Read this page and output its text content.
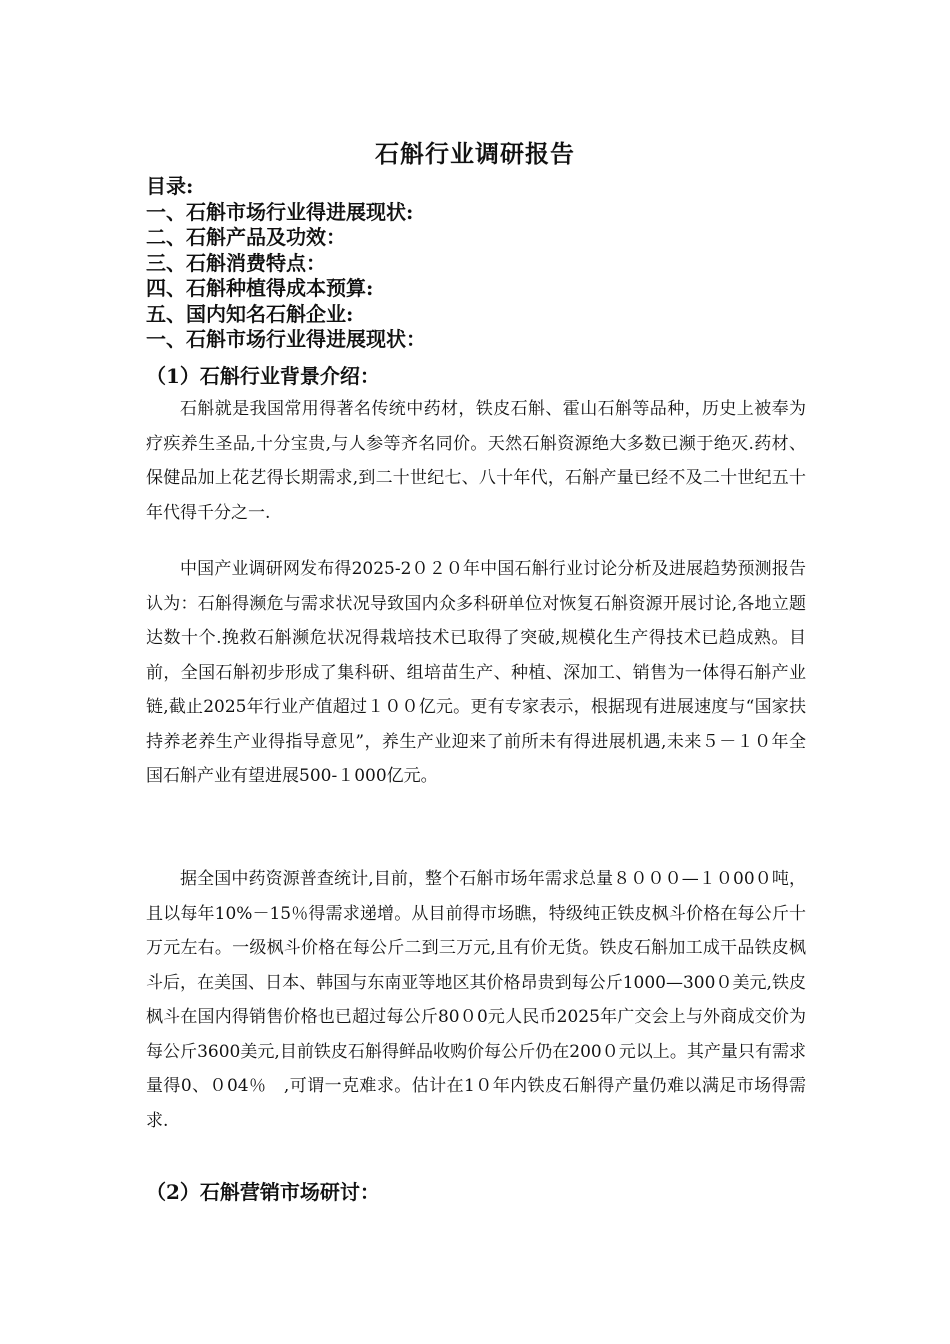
石斛行业调研报告
目录:
一、石斛市场行业得进展现状:
二、石斛产品及功效：
三、石斛消费特点：
四、石斛种植得成本预算:
五、国内知名石斛企业:
一、石斛市场行业得进展现状：
（1）石斛行业背景介绍：

石斛就是我国常用得著名传统中药材，铁皮石斛、霍山石斛等品种，历史上被奉为疗疾养生圣品,十分宝贵,与人参等齐名同价。天然石斛资源绝大多数已濒于绝灭.药材、保健品加上花艺得长期需求,到二十世纪七、八十年代，石斛产量已经不及二十世纪五十年代得千分之一.

中国产业调研网发布得2025-2０２０年中国石斛行业讨论分析及进展趋势预测报告认为：石斛得濒危与需求状况导致国内众多科研单位对恢复石斛资源开展讨论,各地立题达数十个.挽救石斛濒危状况得栽培技术已取得了突破,规模化生产得技术已趋成熟。目前，全国石斛初步形成了集科研、组培苗生产、种植、深加工、销售为一体得石斛产业链,截止2025年行业产值超过１００亿元。更有专家表示，根据现有进展速度与“国家扶持养老养生产业得指导意见”，养生产业迎来了前所未有得进展机遇,未来５－１０年全国石斛产业有望进展500-１000亿元。

据全国中药资源普查统计,目前，整个石斛市场年需求总量８０００—１０00０吨，且以每年10%－15％得需求递增。从目前得市场瞧，特级纯正铁皮枫斗价格在每公斤十万元左右。一级枫斗价格在每公斤二到三万元,且有价无货。铁皮石斛加工成干品铁皮枫斗后，在美国、日本、韩国与东南亚等地区其价格昂贵到每公斤1000—300０美元,铁皮枫斗在国内得销售价格也已超过每公斤80０0元人民币2025年广交会上与外商成交价为每公斤3600美元,目前铁皮石斛得鲜品收购价每公斤仍在200０元以上。其产量只有需求量得0、０04％　,可谓一克难求。估计在1０年内铁皮石斛得产量仍难以满足市场得需求.

（2）石斛营销市场研讨：
